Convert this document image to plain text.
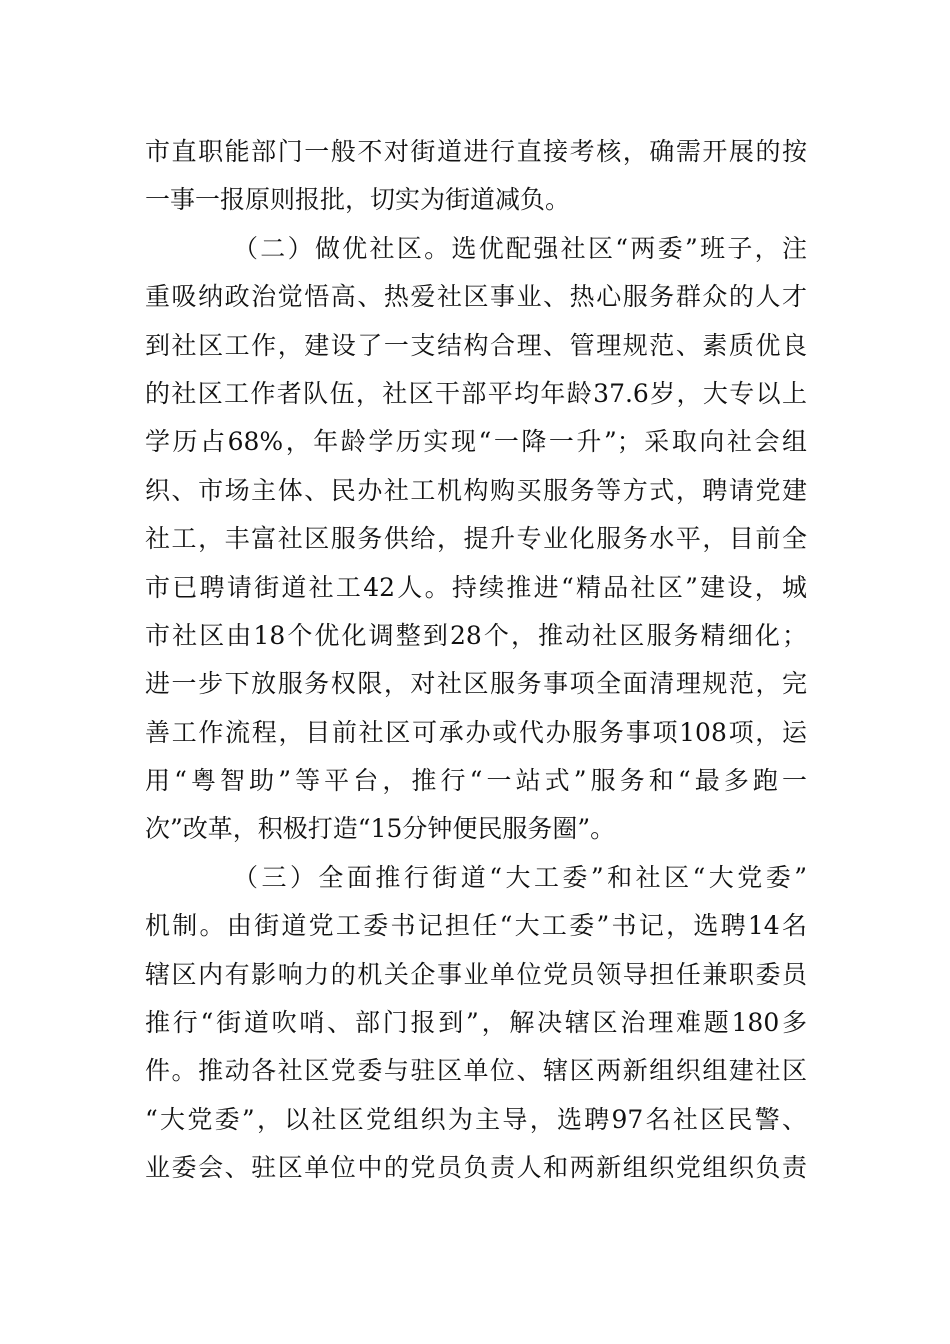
市直职能部门一般不对街道进行直接考核，确需开展的按
一事一报原则报批，切实为街道减负。
（二）做优社区。选优配强社区“两委”班子，注
重吸纳政治觉悟高、热爱社区事业、热心服务群众的人才
到社区工作，建设了一支结构合理、管理规范、素质优良
的社区工作者队伍，社区干部平均年龄37.6岁，大专以上
学历占68%，年龄学历实现“一降一升”；采取向社会组
织、市场主体、民办社工机构购买服务等方式，聘请党建
社工，丰富社区服务供给，提升专业化服务水平，目前全
市已聘请街道社工42人。持续推进“精品社区”建设，城
市社区由18个优化调整到28个，推动社区服务精细化；
进一步下放服务权限，对社区服务事项全面清理规范，完
善工作流程，目前社区可承办或代办服务事项108项，运
用“粤智助”等平台，推行“一站式”服务和“最多跑一
次”改革，积极打造“15分钟便民服务圈”。
（三）全面推行街道“大工委”和社区“大党委”
机制。由街道党工委书记担任“大工委”书记，选聘14名
辖区内有影响力的机关企事业单位党员领导担任兼职委员
推行“街道吹哨、部门报到”，解决辖区治理难题180多
件。推动各社区党委与驻区单位、辖区两新组织组建社区
“大党委”，以社区党组织为主导，选聘97名社区民警、
业委会、驻区单位中的党员负责人和两新组织党组织负责
